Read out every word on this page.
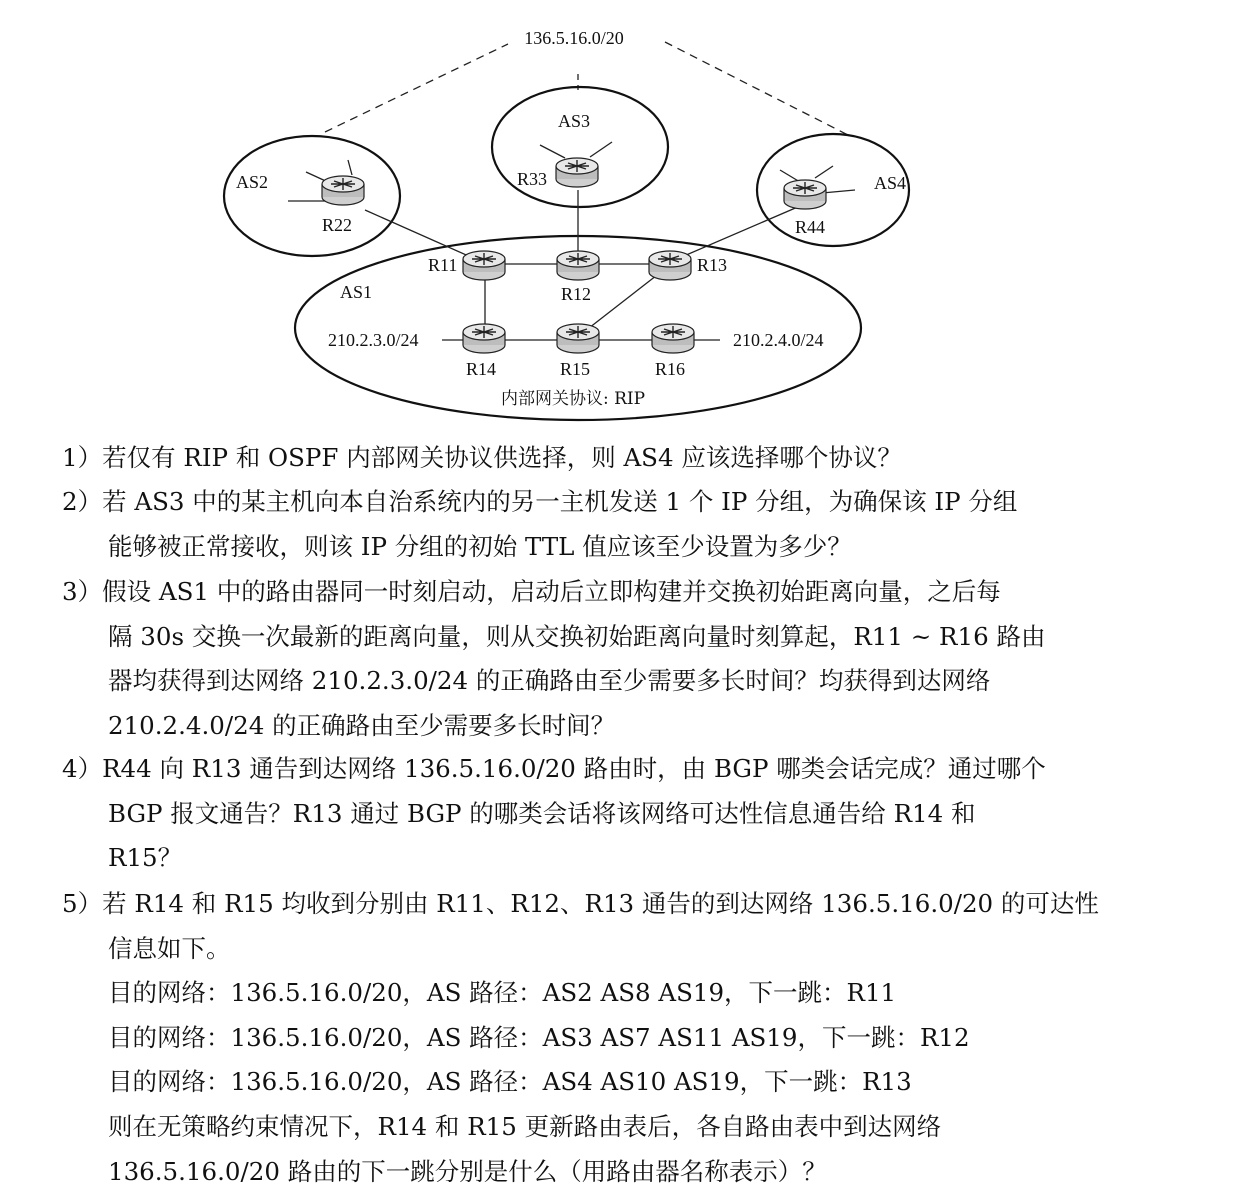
136.5.16.0/20
AS1
AS2
AS3
AS4
R22
R33
R44
R11
R12
R13
R14	R15	R16
210.2.3.0/24	210.2.4.0/24
内部网关协议: RIP
1）若仅有 RIP 和 OSPF 内部网关协议供选择，则 AS4 应该选择哪个协议？
2）若 AS3 中的某主机向本自治系统内的另一主机发送 1 个 IP 分组，为确保该 IP 分组
能够被正常接收，则该 IP 分组的初始 TTL 值应该至少设置为多少？
3）假设 AS1 中的路由器同一时刻启动，启动后立即构建并交换初始距离向量，之后每
隔 30s 交换一次最新的距离向量，则从交换初始距离向量时刻算起，R11 ~ R16 路由
器均获得到达网络 210.2.3.0/24 的正确路由至少需要多长时间？均获得到达网络
210.2.4.0/24 的正确路由至少需要多长时间？
4）R44 向 R13 通告到达网络 136.5.16.0/20 路由时，由 BGP 哪类会话完成？通过哪个
BGP 报文通告？R13 通过 BGP 的哪类会话将该网络可达性信息通告给 R14 和
R15？
5）若 R14 和 R15 均收到分别由 R11、R12、R13 通告的到达网络 136.5.16.0/20 的可达性
信息如下。
目的网络：136.5.16.0/20，AS 路径：AS2 AS8 AS19，下一跳：R11
目的网络：136.5.16.0/20，AS 路径：AS3 AS7 AS11 AS19，下一跳：R12
目的网络：136.5.16.0/20，AS 路径：AS4 AS10 AS19，下一跳：R13
则在无策略约束情况下，R14 和 R15 更新路由表后，各自路由表中到达网络
136.5.16.0/20 路由的下一跳分别是什么（用路由器名称表示）？
